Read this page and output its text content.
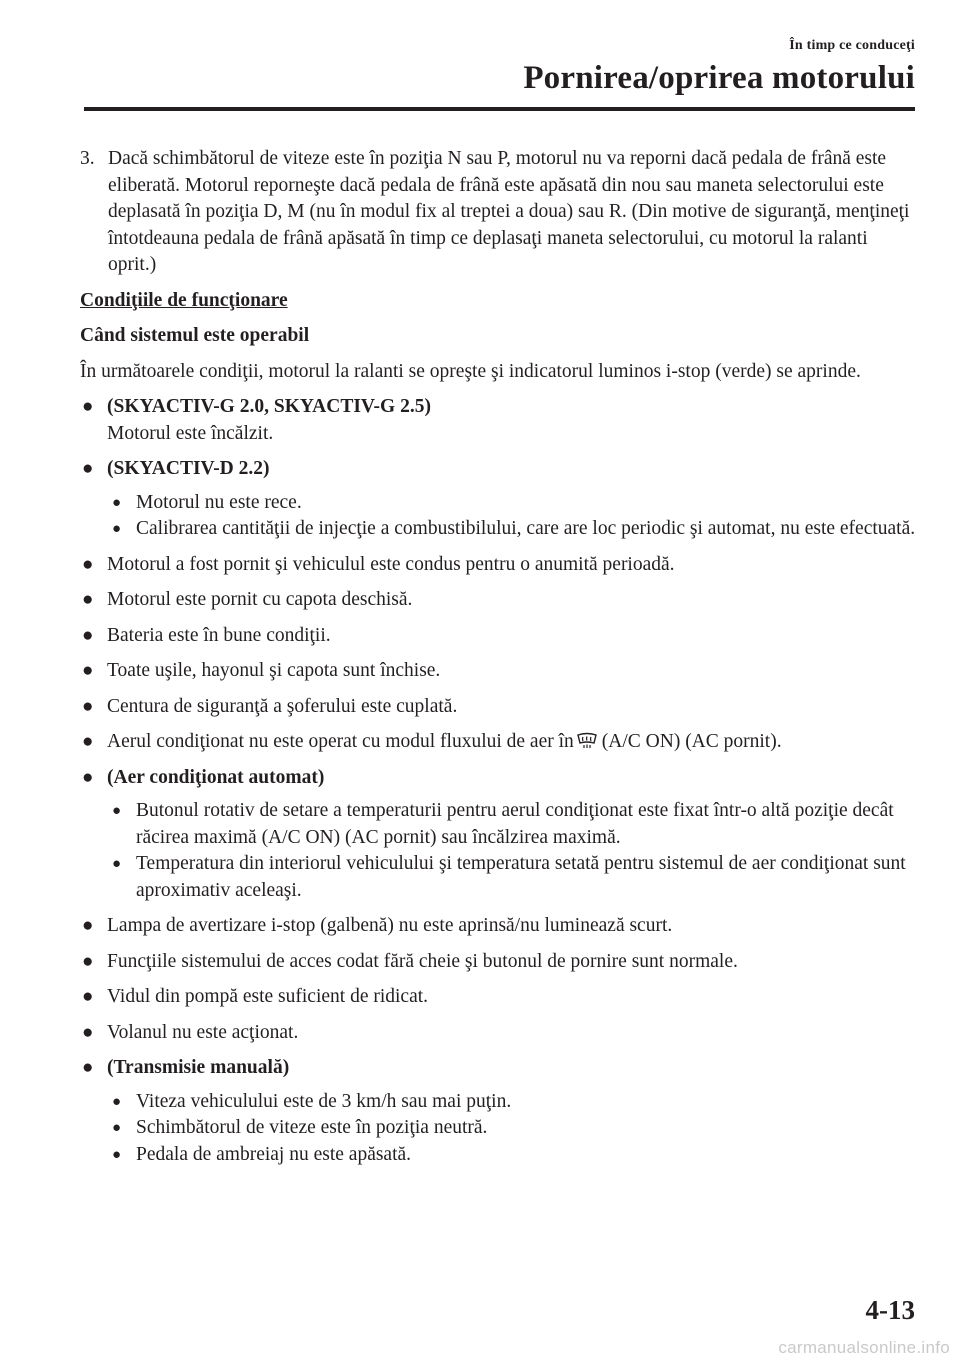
În timp ce conduceţi
Pornirea/oprirea motorului
3. Dacă schimbătorul de viteze este în poziţia N sau P, motorul nu va reporni dacă pedala de frână este eliberată. Motorul reporneşte dacă pedala de frână este apăsată din nou sau maneta selectorului este deplasată în poziţia D, M (nu în modul fix al treptei a doua) sau R. (Din motive de siguranţă, menţineţi întotdeauna pedala de frână apăsată în timp ce deplasaţi maneta selectorului, cu motorul la ralanti oprit.)
Condiţiile de funcţionare
Când sistemul este operabil
În următoarele condiţii, motorul la ralanti se opreşte şi indicatorul luminos i-stop (verde) se aprinde.
● (SKYACTIV-G 2.0, SKYACTIV-G 2.5)
Motorul este încălzit.
● (SKYACTIV-D 2.2)
● Motorul nu este rece.
● Calibrarea cantităţii de injecţie a combustibilului, care are loc periodic şi automat, nu este efectuată.
● Motorul a fost pornit şi vehiculul este condus pentru o anumită perioadă.
● Motorul este pornit cu capota deschisă.
● Bateria este în bune condiţii.
● Toate uşile, hayonul şi capota sunt închise.
● Centura de siguranţă a şoferului este cuplată.
● Aerul condiţionat nu este operat cu modul fluxului de aer în (A/C ON) (AC pornit).
● (Aer condiţionat automat)
● Butonul rotativ de setare a temperaturii pentru aerul condiţionat este fixat într-o altă poziţie decât răcirea maximă (A/C ON) (AC pornit) sau încălzirea maximă.
● Temperatura din interiorul vehiculului şi temperatura setată pentru sistemul de aer condiţionat sunt aproximativ aceleaşi.
● Lampa de avertizare i-stop (galbenă) nu este aprinsă/nu luminează scurt.
● Funcţiile sistemului de acces codat fără cheie şi butonul de pornire sunt normale.
● Vidul din pompă este suficient de ridicat.
● Volanul nu este acţionat.
● (Transmisie manuală)
● Viteza vehiculului este de 3 km/h sau mai puţin.
● Schimbătorul de viteze este în poziţia neutră.
● Pedala de ambreiaj nu este apăsată.
4-13
carmanualsonline.info
